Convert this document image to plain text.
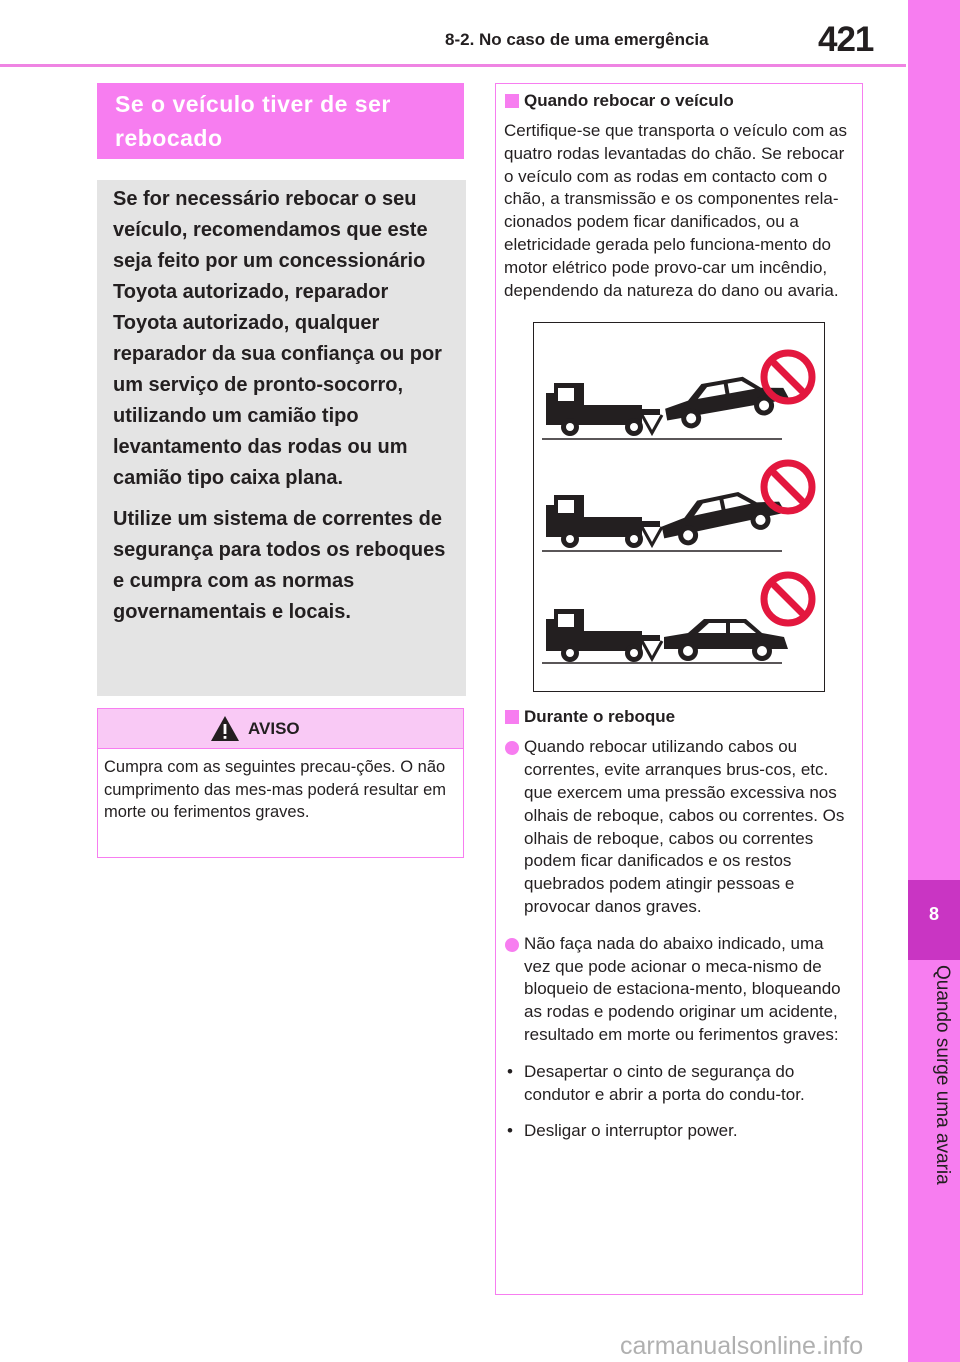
8-2. No caso de uma emergência	421
8
Quando surge uma avaria
Se o veículo tiver de ser rebocado

Se for necessário rebocar o seu veículo, recomendamos que este seja feito por um concessionário Toyota autorizado, reparador Toyota autorizado, qualquer reparador da sua confiança ou por um serviço de pronto-socorro, utilizando um camião tipo levantamento das rodas ou um camião tipo caixa plana.

Utilize um sistema de correntes de segurança para todos os reboques e cumpra com as normas governamentais e locais.

AVISO
Cumpra com as seguintes precau-ções. O não cumprimento das mes-mas poderá resultar em morte ou ferimentos graves.
Quando rebocar o veículo
Certifique-se que transporta o veículo com as quatro rodas levantadas do chão. Se rebocar o veículo com as rodas em contacto com o chão, a transmissão e os componentes rela-cionados podem ficar danificados, ou a eletricidade gerada pelo funciona-mento do motor elétrico pode provo-car um incêndio, dependendo da natureza do dano ou avaria.
Durante o reboque
Quando rebocar utilizando cabos ou correntes, evite arranques brus-cos, etc. que exercem uma pressão excessiva nos olhais de reboque, cabos ou correntes. Os olhais de reboque, cabos ou correntes podem ficar danificados e os restos quebrados podem atingir pessoas e provocar danos graves.
Não faça nada do abaixo indicado, uma vez que pode acionar o meca-nismo de bloqueio de estaciona-mento, bloqueando as rodas e podendo originar um acidente, resultado em morte ou ferimentos graves:
• Desapertar o cinto de segurança do condutor e abrir a porta do condu-tor.
• Desligar o interruptor power.
carmanualsonline.info
